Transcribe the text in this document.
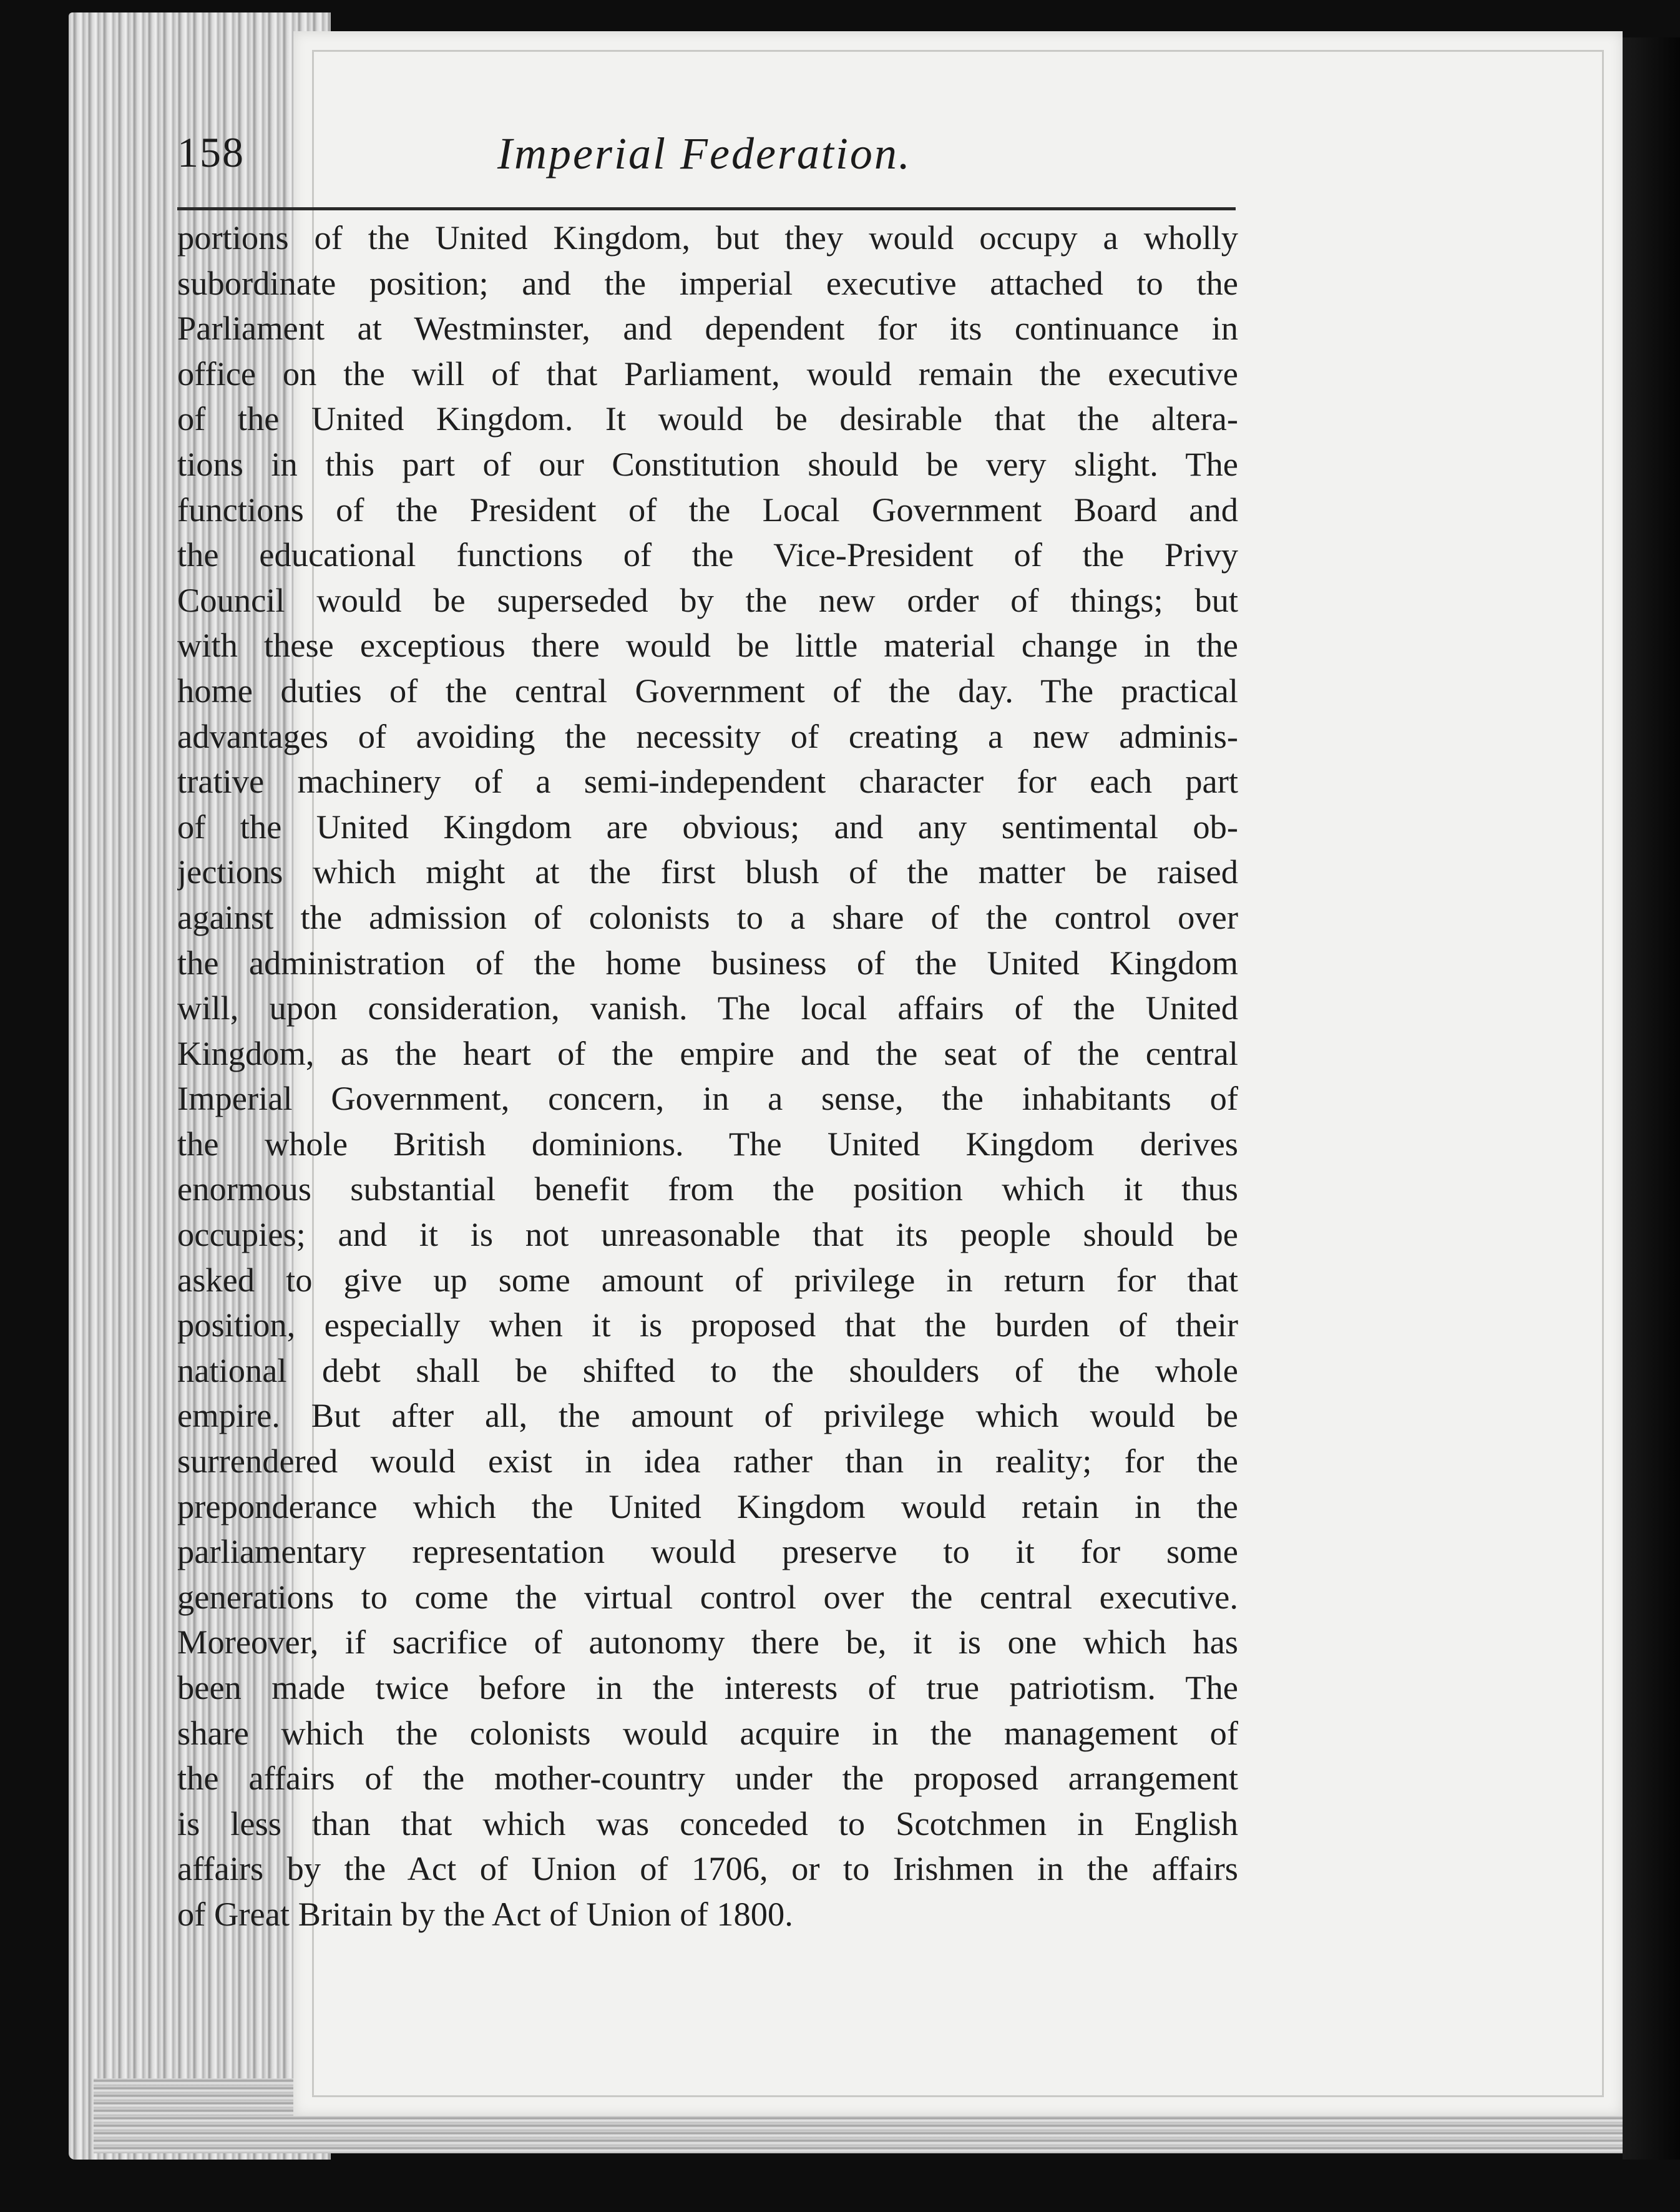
158	Imperial Federation.
portions of the United Kingdom, but they would occupy a wholly
subordinate position; and the imperial executive attached to the
Parliament at Westminster, and dependent for its continuance in
office on the will of that Parliament, would remain the executive
of the United Kingdom. It would be desirable that the altera-
tions in this part of our Constitution should be very slight. The
functions of the President of the Local Government Board and
the educational functions of the Vice-President of the Privy
Council would be superseded by the new order of things; but
with these exceptious there would be little material change in the
home duties of the central Government of the day. The practical
advantages of avoiding the necessity of creating a new adminis-
trative machinery of a semi-independent character for each part
of the United Kingdom are obvious; and any sentimental ob-
jections which might at the first blush of the matter be raised
against the admission of colonists to a share of the control over
the administration of the home business of the United Kingdom
will, upon consideration, vanish. The local affairs of the United
Kingdom, as the heart of the empire and the seat of the central
Imperial Government, concern, in a sense, the inhabitants of
the whole British dominions. The United Kingdom derives
enormous substantial benefit from the position which it thus
occupies; and it is not unreasonable that its people should be
asked to give up some amount of privilege in return for that
position, especially when it is proposed that the burden of their
national debt shall be shifted to the shoulders of the whole
empire. But after all, the amount of privilege which would be
surrendered would exist in idea rather than in reality; for the
preponderance which the United Kingdom would retain in the
parliamentary representation would preserve to it for some
generations to come the virtual control over the central executive.
Moreover, if sacrifice of autonomy there be, it is one which has
been made twice before in the interests of true patriotism. The
share which the colonists would acquire in the management of
the affairs of the mother-country under the proposed arrangement
is less than that which was conceded to Scotchmen in English
affairs by the Act of Union of 1706, or to Irishmen in the affairs
of Great Britain by the Act of Union of 1800.
